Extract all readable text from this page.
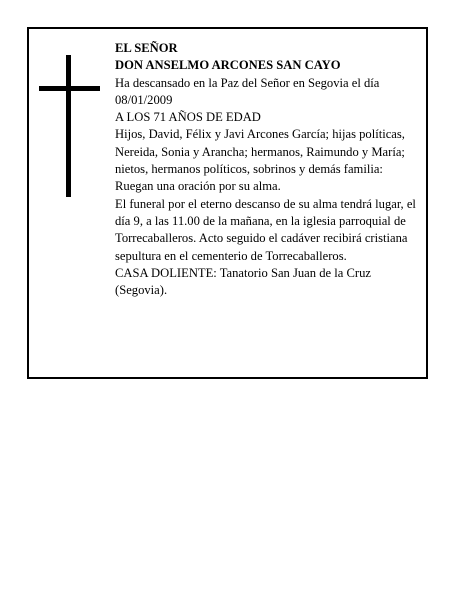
EL SEÑOR

DON ANSELMO ARCONES SAN CAYO

Ha descansado en la Paz del Señor en Segovia el día 08/01/2009

A LOS 71 AÑOS DE EDAD

Hijos, David, Félix y Javi Arcones García; hijas políticas, Nereida, Sonia y Arancha; hermanos, Raimundo y María; nietos, hermanos políticos, sobrinos y demás familia:

Ruegan una oración por su alma.

El funeral por el eterno descanso de su alma tendrá lugar, el día 9, a las 11.00 de la mañana, en la iglesia parroquial de Torrecaballeros. Acto seguido el cadáver recibirá cristiana sepultura en el cementerio de Torrecaballeros.

CASA DOLIENTE: Tanatorio San Juan de la Cruz (Segovia).
